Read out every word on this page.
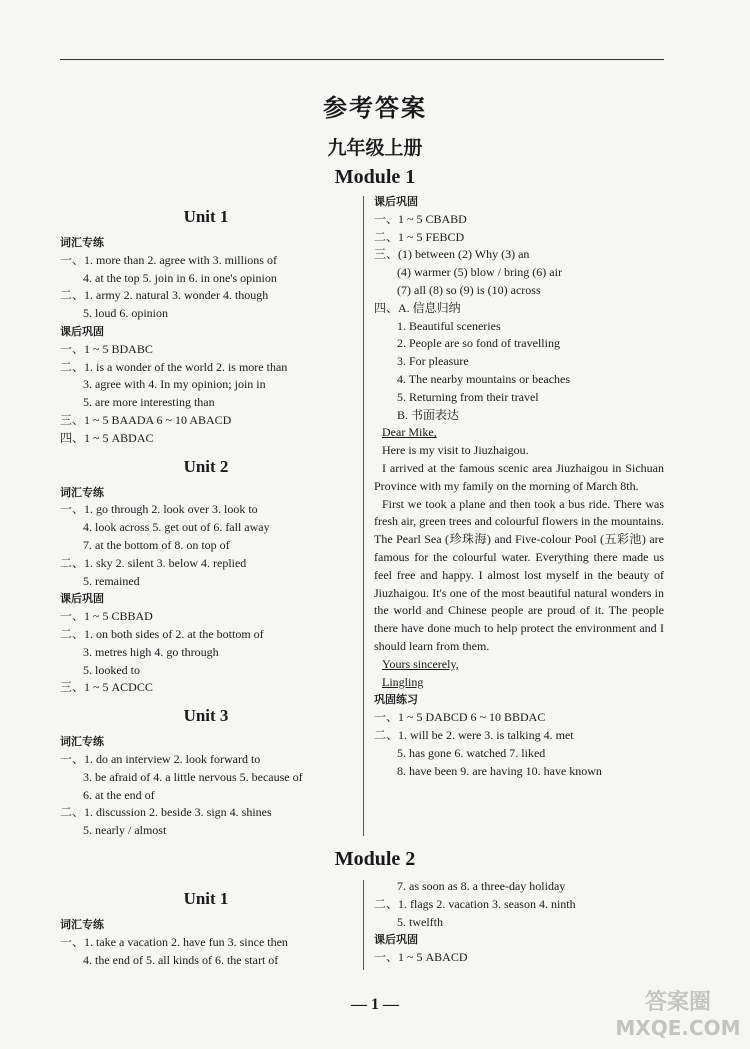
参考答案
九年级上册
Module 1
Unit 1
词汇专练
一、1. more than 2. agree with 3. millions of
4. at the top 5. join in 6. in one's opinion
二、1. army 2. natural 3. wonder 4. though
5. loud 6. opinion
课后巩固
一、1 ~ 5 BDABC
二、1. is a wonder of the world 2. is more than
3. agree with 4. In my opinion; join in
5. are more interesting than
三、1 ~ 5 BAADA 6 ~ 10 ABACD
四、1 ~ 5 ABDAC
Unit 2
词汇专练
一、1. go through 2. look over 3. look to
4. look across 5. get out of 6. fall away
7. at the bottom of 8. on top of
二、1. sky 2. silent 3. below 4. replied
5. remained
课后巩固
一、1 ~ 5 CBBAD
二、1. on both sides of 2. at the bottom of
3. metres high 4. go through
5. looked to
三、1 ~ 5 ACDCC
Unit 3
词汇专练
一、1. do an interview 2. look forward to
3. be afraid of 4. a little nervous 5. because of
6. at the end of
二、1. discussion 2. beside 3. sign 4. shines
5. nearly / almost
课后巩固
一、1 ~ 5 CBABD
二、1 ~ 5 FEBCD
三、(1) between (2) Why (3) an
(4) warmer (5) blow / bring (6) air
(7) all (8) so (9) is (10) across
四、A. 信息归纳
1. Beautiful sceneries
2. People are so fond of travelling
3. For pleasure
4. The nearby mountains or beaches
5. Returning from their travel
B. 书面表达
Dear Mike,
Here is my visit to Jiuzhaigou.
I arrived at the famous scenic area Jiuzhaigou in Sichuan Province with my family on the morning of March 8th.
First we took a plane and then took a bus ride. There was fresh air, green trees and colourful flowers in the mountains. The Pearl Sea (珍珠海) and Five-colour Pool (五彩池) are famous for the colourful water. Everything there made us feel free and happy. I almost lost myself in the beauty of Jiuzhaigou. It's one of the most beautiful natural wonders in the world and Chinese people are proud of it. The people there have done much to help protect the environment and I should learn from them.
Yours sincerely,
Lingling
巩固练习
一、1 ~ 5 DABCD 6 ~ 10 BBDAC
二、1. will be 2. were 3. is talking 4. met
5. has gone 6. watched 7. liked
8. have been 9. are having 10. have known
Module 2
Unit 1
词汇专练
一、1. take a vacation 2. have fun 3. since then
4. the end of 5. all kinds of 6. the start of
7. as soon as 8. a three-day holiday
二、1. flags 2. vacation 3. season 4. ninth
5. twelfth
课后巩固
一、1 ~ 5 ABACD
— 1 —	答案圈
MXQE.COM
